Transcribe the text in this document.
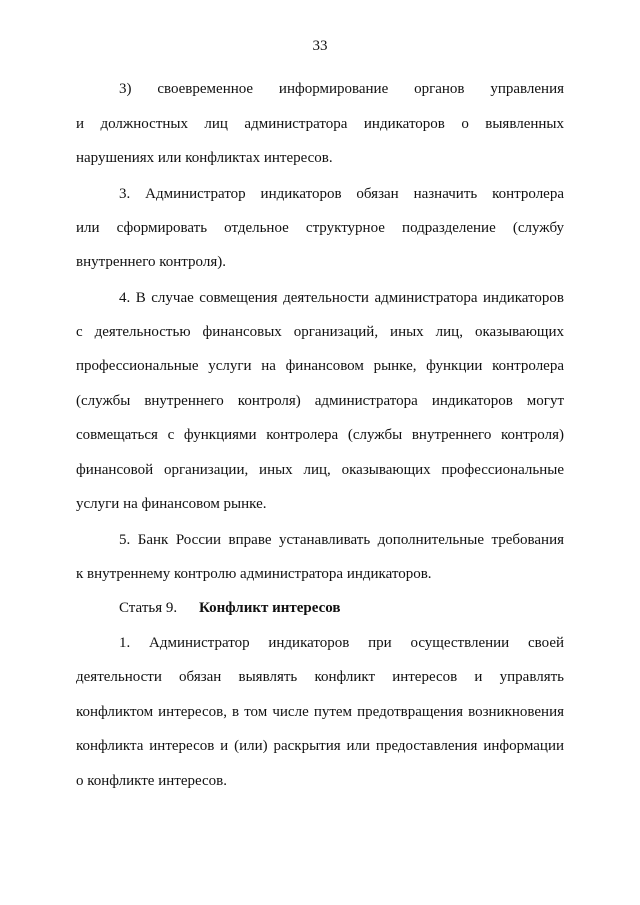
33
3) своевременное информирование органов управления
и должностных лиц администратора индикаторов о выявленных
нарушениях или конфликтах интересов.
3. Администратор индикаторов обязан назначить контролера
или сформировать отдельное структурное подразделение (службу
внутреннего контроля).
4. В случае совмещения деятельности администратора индикаторов
с деятельностью финансовых организаций, иных лиц, оказывающих
профессиональные услуги на финансовом рынке, функции контролера
(службы внутреннего контроля) администратора индикаторов могут
совмещаться с функциями контролера (службы внутреннего контроля)
финансовой организации, иных лиц, оказывающих профессиональные
услуги на финансовом рынке.
5. Банк России вправе устанавливать дополнительные требования
к внутреннему контролю администратора индикаторов.
Статья 9. Конфликт интересов
1. Администратор индикаторов при осуществлении своей
деятельности обязан выявлять конфликт интересов и управлять
конфликтом интересов, в том числе путем предотвращения возникновения
конфликта интересов и (или) раскрытия или предоставления информации
о конфликте интересов.
